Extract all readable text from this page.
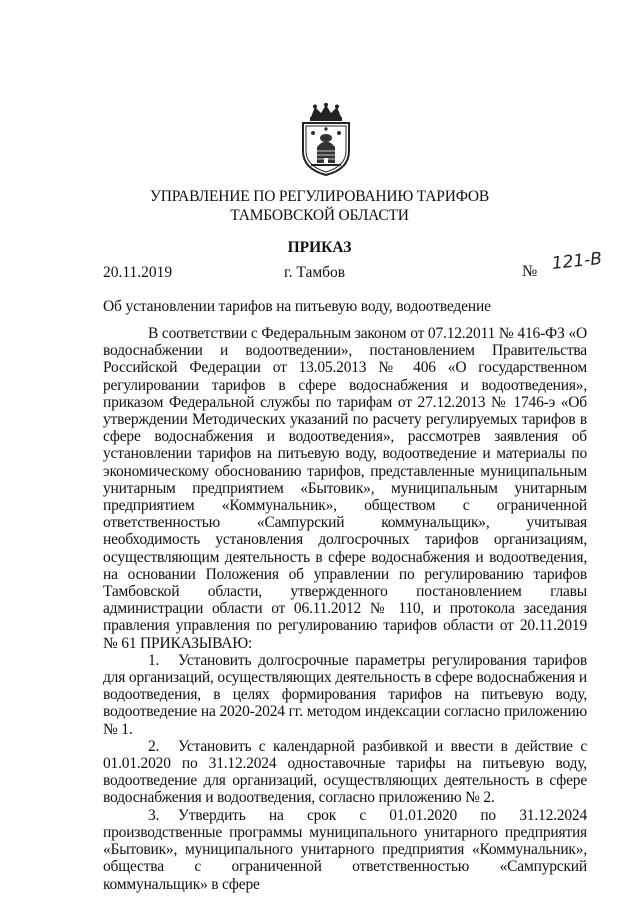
УПРАВЛЕНИЕ ПО РЕГУЛИРОВАНИЮ ТАРИФОВ
ТАМБОВСКОЙ ОБЛАСТИ
ПРИКАЗ
20.11.2019	г. Тамбов	№ 121-В
Об установлении тарифов на питьевую воду, водоотведение

В соответствии с Федеральным законом от 07.12.2011 № 416-ФЗ «О водоснабжении и водоотведении», постановлением Правительства Российской Федерации от 13.05.2013 № 406 «О государственном регулировании тарифов в сфере водоснабжения и водоотведения», приказом Федеральной службы по тарифам от 27.12.2013 № 1746-э «Об утверждении Методических указаний по расчету регулируемых тарифов в сфере водоснабжения и водоотведения», рассмотрев заявления об установлении тарифов на питьевую воду, водоотведение и материалы по экономическому обоснованию тарифов, представленные муниципальным унитарным предприятием «Бытовик», муниципальным унитарным предприятием «Коммунальник», обществом с ограниченной ответственностью «Сампурский коммунальщик», учитывая необходимость установления долгосрочных тарифов организациям, осуществляющим деятельность в сфере водоснабжения и водоотведения, на основании Положения об управлении по регулированию тарифов Тамбовской области, утвержденного постановлением главы администрации области от 06.11.2012 № 110, и протокола заседания правления управления по регулированию тарифов области от 20.11.2019 № 61 ПРИКАЗЫВАЮ:

1. Установить долгосрочные параметры регулирования тарифов для организаций, осуществляющих деятельность в сфере водоснабжения и водоотведения, в целях формирования тарифов на питьевую воду, водоотведение на 2020-2024 гг. методом индексации согласно приложению № 1.

2. Установить с календарной разбивкой и ввести в действие с 01.01.2020 по 31.12.2024 одноставочные тарифы на питьевую воду, водоотведение для организаций, осуществляющих деятельность в сфере водоснабжения и водоотведения, согласно приложению № 2.

3. Утвердить на срок с 01.01.2020 по 31.12.2024 производственные программы муниципального унитарного предприятия «Бытовик», муниципального унитарного предприятия «Коммунальник», общества с ограниченной ответственностью «Сампурский коммунальщик» в сфере
